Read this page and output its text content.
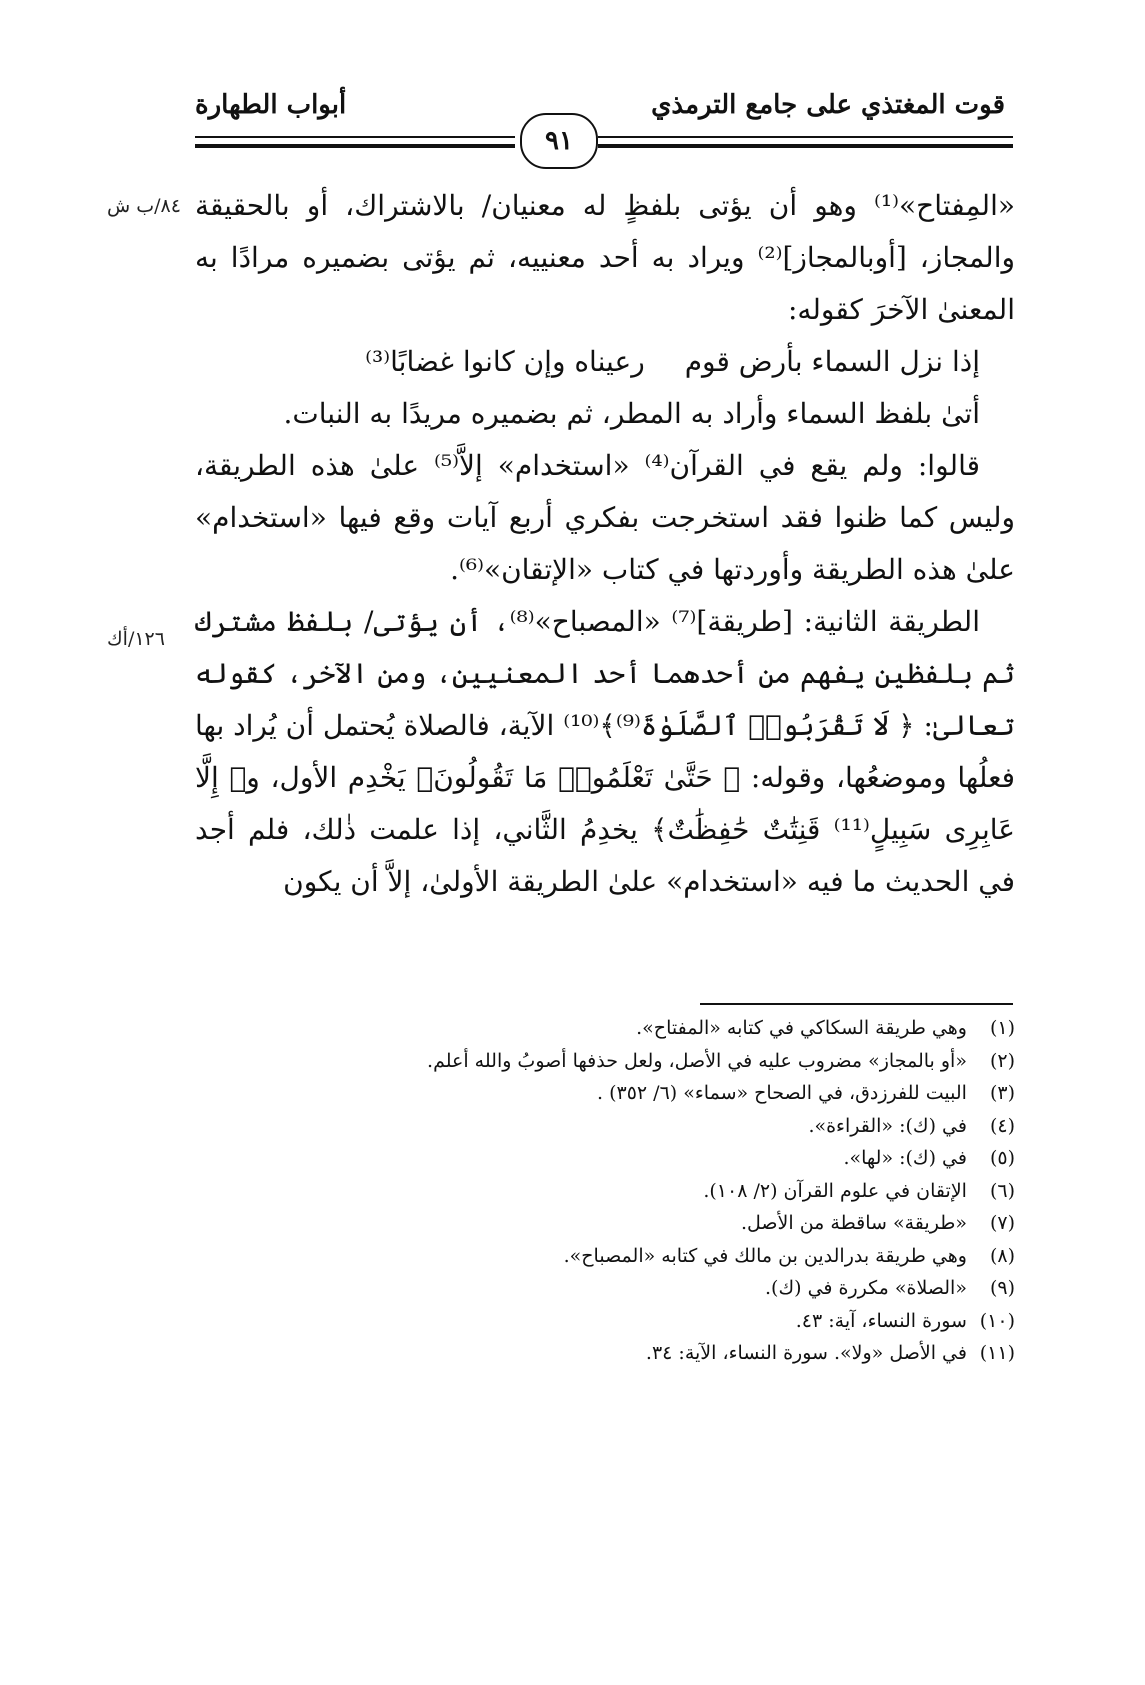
قوت المغتذي على جامع الترمذي
أبواب الطهارة
٩١
٨٤/ب ش
١٢٦/أك

«المِفتاح»⁽¹⁾ وهو أن يؤتى بلفظٍ له معنيان/ بالاشتراك، أو بالحقيقة والمجاز، [أوبالمجاز]⁽²⁾ ويراد به أحد معنييه، ثم يؤتى بضميره مرادًا به المعنىٰ الآخرَ كقوله:

إذا نزل السماء بأرض قومرعيناه وإن كانوا غضابًا⁽³⁾

أتىٰ بلفظ السماء وأراد به المطر، ثم بضميره مريدًا به النبات.

قالوا: ولم يقع في القرآن⁽⁴⁾ «استخدام» إلاَّ⁽⁵⁾ علىٰ هذه الطريقة، وليس كما ظنوا فقد استخرجت بفكري أربع آيات وقع فيها «استخدام» علىٰ هذه الطريقة وأوردتها في كتاب «الإتقان»⁽⁶⁾.

الطريقة الثانية: [طريقة]⁽⁷⁾ «المصباح»⁽⁸⁾، أن يؤتى/ بلفظ مشترك ثم بلفظين يفهم من أحدهما أحد المعنيين، ومن الآخر، كقوله تعالىٰ: ﴿ لَا تَقْرَبُوا۟ ٱلصَّلَوٰةَ⁽⁹⁾﴾⁽¹⁰⁾ الآية، فالصلاة يُحتمل أن يُراد بها فعلُها وموضعُها، وقوله: ﴿ حَتَّىٰ تَعْلَمُوا۟ مَا تَقُولُونَ﴾ يَخْدِم الأول، و﴿ إِلَّا عَابِرِى سَبِيلٍ⁽¹¹⁾ قَنِتَٰتٌ حَٰفِظَٰتٌ﴾ يخدِمُ الثَّاني، إذا علمت ذٰلك، فلم أجد في الحديث ما فيه «استخدام» علىٰ الطريقة الأولىٰ، إلاَّ أن يكون

(١) وهي طريقة السكاكي في كتابه «المفتاح».
(٢) «أو بالمجاز» مضروب عليه في الأصل، ولعل حذفها أصوبُ والله أعلم.
(٣) البيت للفرزدق، في الصحاح «سماء» (٦/ ٣٥٢) .
(٤) في (ك): «القراءة».
(٥) في (ك): «لها».
(٦) الإتقان في علوم القرآن (٢/ ١٠٨).
(٧) «طريقة» ساقطة من الأصل.
(٨) وهي طريقة بدرالدين بن مالك في كتابه «المصباح».
(٩) «الصلاة» مكررة في (ك).
(١٠) سورة النساء، آية: ٤٣.
(١١) في الأصل «ولا». سورة النساء، الآية: ٣٤.
